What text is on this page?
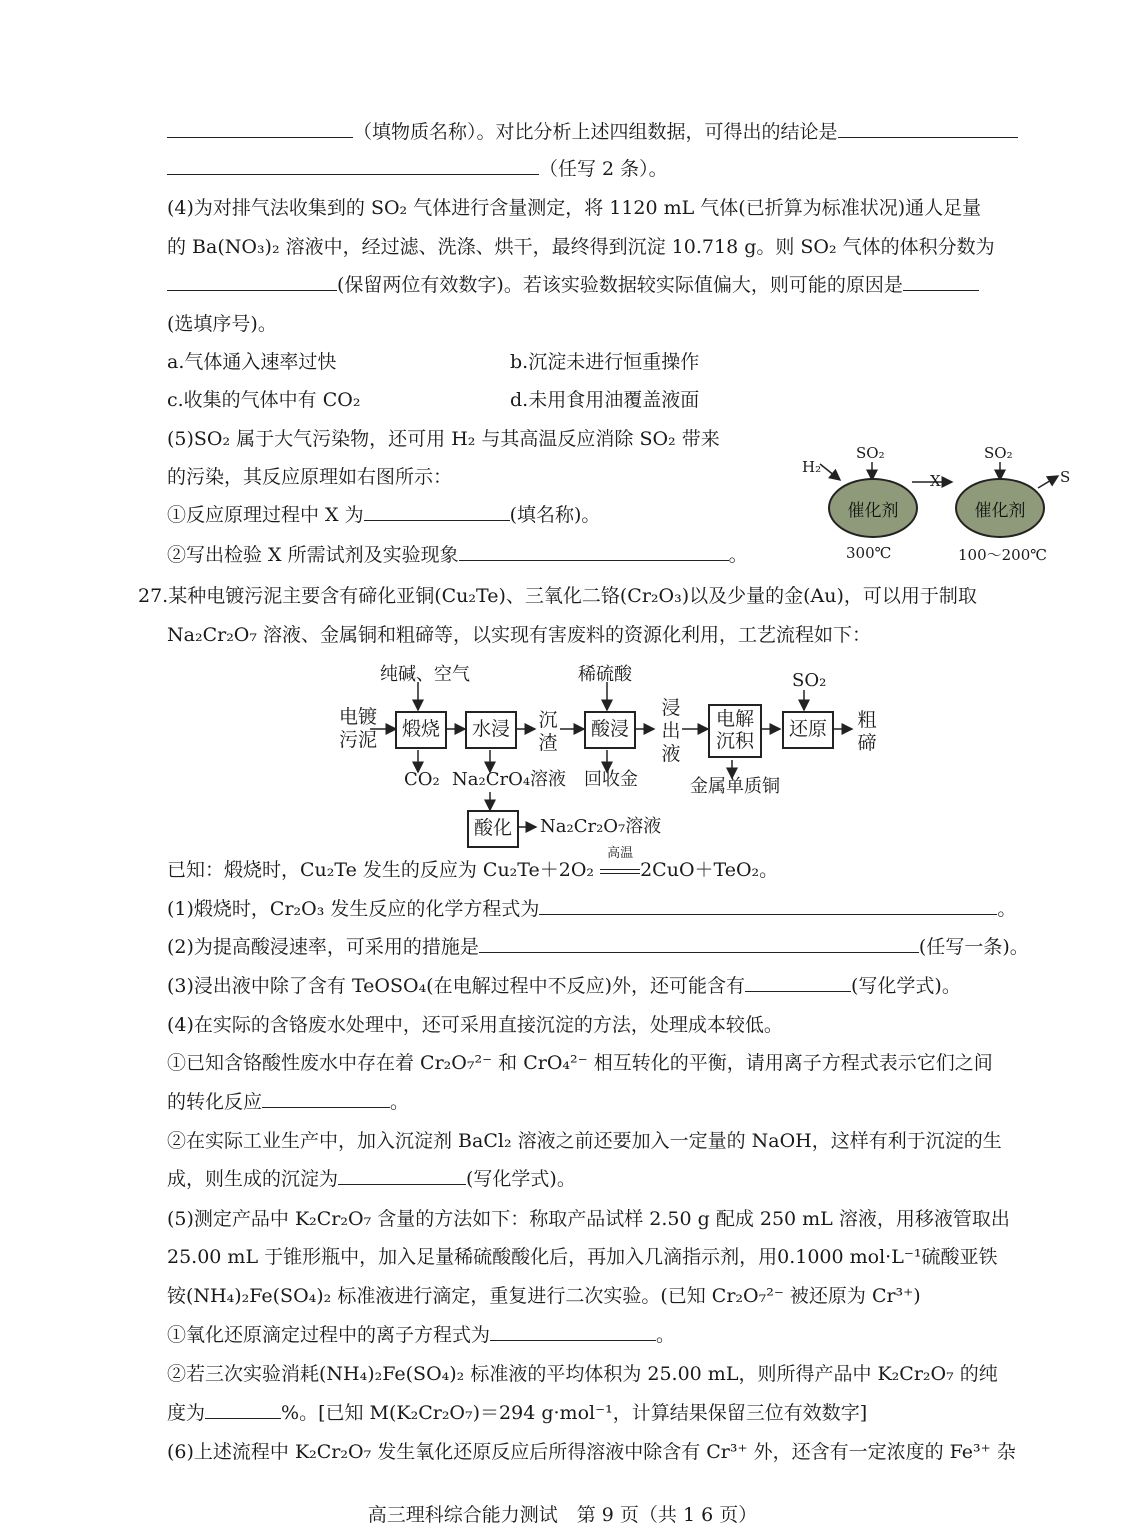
（填物质名称）。对比分析上述四组数据，可得出的结论是
（任写 2 条）。
(4)为对排气法收集到的 SO₂ 气体进行含量测定，将 1120 mL 气体(已折算为标准状况)通人足量
的 Ba(NO₃)₂ 溶液中，经过滤、洗涤、烘干，最终得到沉淀 10.718 g。则 SO₂ 气体的体积分数为
(保留两位有效数字)。若该实验数据较实际值偏大，则可能的原因是
(选填序号)。
a.气体通入速率过快	b.沉淀未进行恒重操作
c.收集的气体中有 CO₂	d.未用食用油覆盖液面
(5)SO₂ 属于大气污染物，还可用 H₂ 与其高温反应消除 SO₂ 带来
的污染，其反应原理如右图所示：
①反应原理过程中 X 为	(填名称)。
②写出检验 X 所需试剂及实验现象	。
H₂
SO₂
X
SO₂
S
催化剂	催化剂
300℃	100～200℃
27.某种电镀污泥主要含有碲化亚铜(Cu₂Te)、三氧化二铬(Cr₂O₃)以及少量的金(Au)，可以用于制取
Na₂Cr₂O₇ 溶液、金属铜和粗碲等，以实现有害废料的资源化利用，工艺流程如下：
电镀污泥
纯碱、空气
煅烧
CO₂
水浸
Na₂CrO₄溶液
沉渣
稀硫酸
酸浸
回收金
浸出液
电解
沉积
金属单质铜
SO₂
还原	粗碲
酸化	Na₂Cr₂O₇溶液
已知：煅烧时，Cu₂Te 发生的反应为 Cu₂Te＋2O₂
高温
2CuO＋TeO₂。
(1)煅烧时，Cr₂O₃ 发生反应的化学方程式为	。
(2)为提高酸浸速率，可采用的措施是	(任写一条)。
(3)浸出液中除了含有 TeOSO₄(在电解过程中不反应)外，还可能含有	(写化学式)。
(4)在实际的含铬废水处理中，还可采用直接沉淀的方法，处理成本较低。
①已知含铬酸性废水中存在着 Cr₂O₇²⁻ 和 CrO₄²⁻ 相互转化的平衡，请用离子方程式表示它们之间
的转化反应	。
②在实际工业生产中，加入沉淀剂 BaCl₂ 溶液之前还要加入一定量的 NaOH，这样有利于沉淀的生
成，则生成的沉淀为	(写化学式)。
(5)测定产品中 K₂Cr₂O₇ 含量的方法如下：称取产品试样 2.50 g 配成 250 mL 溶液，用移液管取出
25.00 mL 于锥形瓶中，加入足量稀硫酸酸化后，再加入几滴指示剂，用0.1000 mol·L⁻¹硫酸亚铁
铵(NH₄)₂Fe(SO₄)₂ 标准液进行滴定，重复进行二次实验。(已知 Cr₂O₇²⁻ 被还原为 Cr³⁺)
①氧化还原滴定过程中的离子方程式为	。
②若三次实验消耗(NH₄)₂Fe(SO₄)₂ 标准液的平均体积为 25.00 mL，则所得产品中 K₂Cr₂O₇ 的纯
度为	%。[已知 M(K₂Cr₂O₇)＝294 g·mol⁻¹，计算结果保留三位有效数字]
(6)上述流程中 K₂Cr₂O₇ 发生氧化还原反应后所得溶液中除含有 Cr³⁺ 外，还含有一定浓度的 Fe³⁺ 杂
高三理科综合能力测试　第 9 页（共 1 6 页）
